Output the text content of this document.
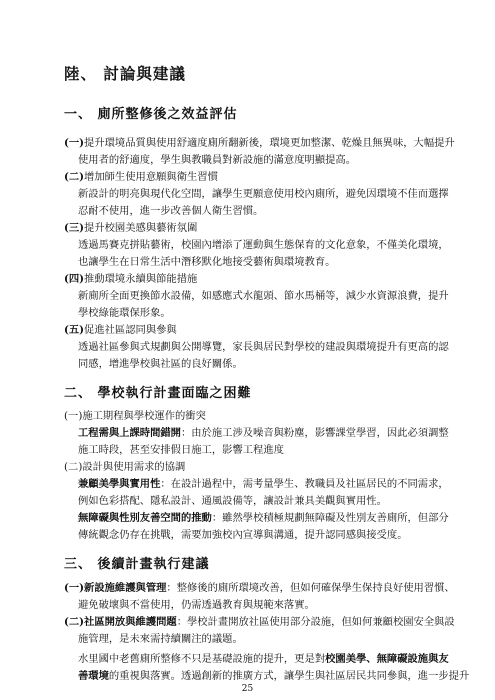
陸、 討論與建議
一、 廁所整修後之效益評估
(一)提升環境品質與使用舒適度廁所翻新後，環境更加整潔、乾燥且無異味，大幅提升
使用者的舒適度，學生與教職員對新設施的滿意度明顯提高。
(二)增加師生使用意願與衛生習慣
新設計的明亮與現代化空間，讓學生更願意使用校內廁所，避免因環境不佳而選擇
忍耐不使用，進一步改善個人衛生習慣。
(三)提升校園美感與藝術氛圍
透過馬賽克拼貼藝術，校園內增添了運動與生態保育的文化意象，不僅美化環境，
也讓學生在日常生活中潛移默化地接受藝術與環境教育。
(四)推動環境永續與節能措施
新廁所全面更換節水設備，如感應式水龍頭、節水馬桶等，減少水資源浪費，提升
學校綠能環保形象。
(五)促進社區認同與參與
透過社區參與式規劃與公開導覽，家長與居民對學校的建設與環境提升有更高的認
同感，增進學校與社區的良好關係。
二、 學校執行計畫面臨之困難
(一)施工期程與學校運作的衝突
工程需與上課時間錯開：由於施工涉及噪音與粉塵，影響課堂學習，因此必須調整
施工時段，甚至安排假日施工，影響工程進度
(二)設計與使用需求的協調
兼顧美學與實用性：在設計過程中，需考量學生、教職員及社區居民的不同需求，
例如色彩搭配、隱私設計、通風設備等，讓設計兼具美觀與實用性。
無障礙與性別友善空間的推動：雖然學校積極規劃無障礙及性別友善廁所，但部分
傳統觀念仍存在挑戰，需要加強校內宣導與溝通，提升認同感與接受度。
三、 後續計畫執行建議
(一)新設施維護與管理：整修後的廁所環境改善，但如何確保學生保持良好使用習慣、
避免破壞與不當使用，仍需透過教育與規範來落實。
(二)社區開放與維護問題：學校計畫開放社區使用部分設施，但如何兼顧校園安全與設
施管理，是未來需持續關注的議題。
水里國中老舊廁所整修不只是基礎設施的提升，更是對校園美學、無障礙設施與友
善環境的重視與落實。透過創新的推廣方式，讓學生與社區居民共同參與，進一步提升
25
